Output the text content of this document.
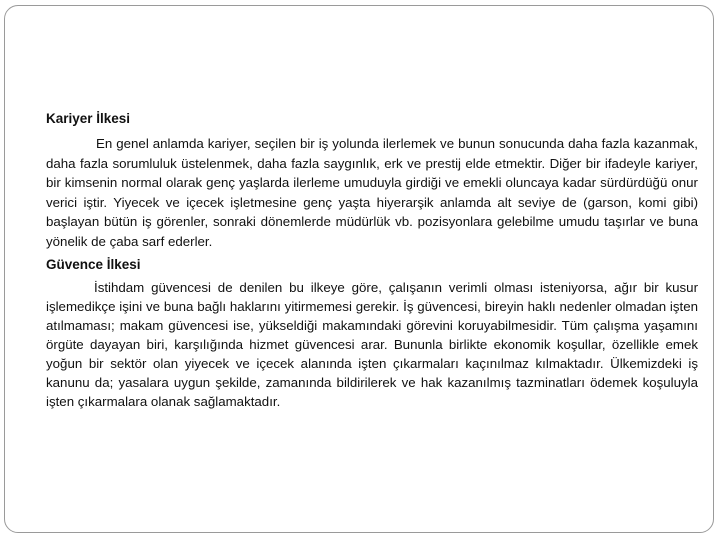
Kariyer İlkesi

En genel anlamda kariyer, seçilen bir iş yolunda ilerlemek ve bunun sonucunda daha fazla kazanmak, daha fazla sorumluluk üstelenmek, daha fazla saygınlık, erk ve prestij elde etmektir. Diğer bir ifadeyle kariyer, bir kimsenin normal olarak genç yaşlarda ilerleme umuduyla girdiği ve emekli oluncaya kadar sürdürdüğü onur verici iştir. Yiyecek ve içecek işletmesine genç yaşta hiyerarşik anlamda alt seviye de (garson, komi gibi) başlayan bütün iş görenler, sonraki dönemlerde müdürlük vb. pozisyonlara gelebilme umudu taşırlar ve buna yönelik de çaba sarf ederler.

Güvence İlkesi

İstihdam güvencesi de denilen bu ilkeye göre, çalışanın verimli olması isteniyorsa, ağır bir kusur işlemedikçe işini ve buna bağlı haklarını yitirmemesi gerekir. İş güvencesi, bireyin haklı nedenler olmadan işten atılmaması; makam güvencesi ise, yükseldiği makamındaki görevini koruyabilmesidir. Tüm çalışma yaşamını örgüte dayayan biri, karşılığında hizmet güvencesi arar. Bununla birlikte ekonomik koşullar, özellikle emek yoğun bir sektör olan yiyecek ve içecek alanında işten çıkarmaları kaçınılmaz kılmaktadır. Ülkemizdeki iş kanunu da; yasalara uygun şekilde, zamanında bildirilerek ve hak kazanılmış tazminatları ödemek koşuluyla işten çıkarmalara olanak sağlamaktadır.
